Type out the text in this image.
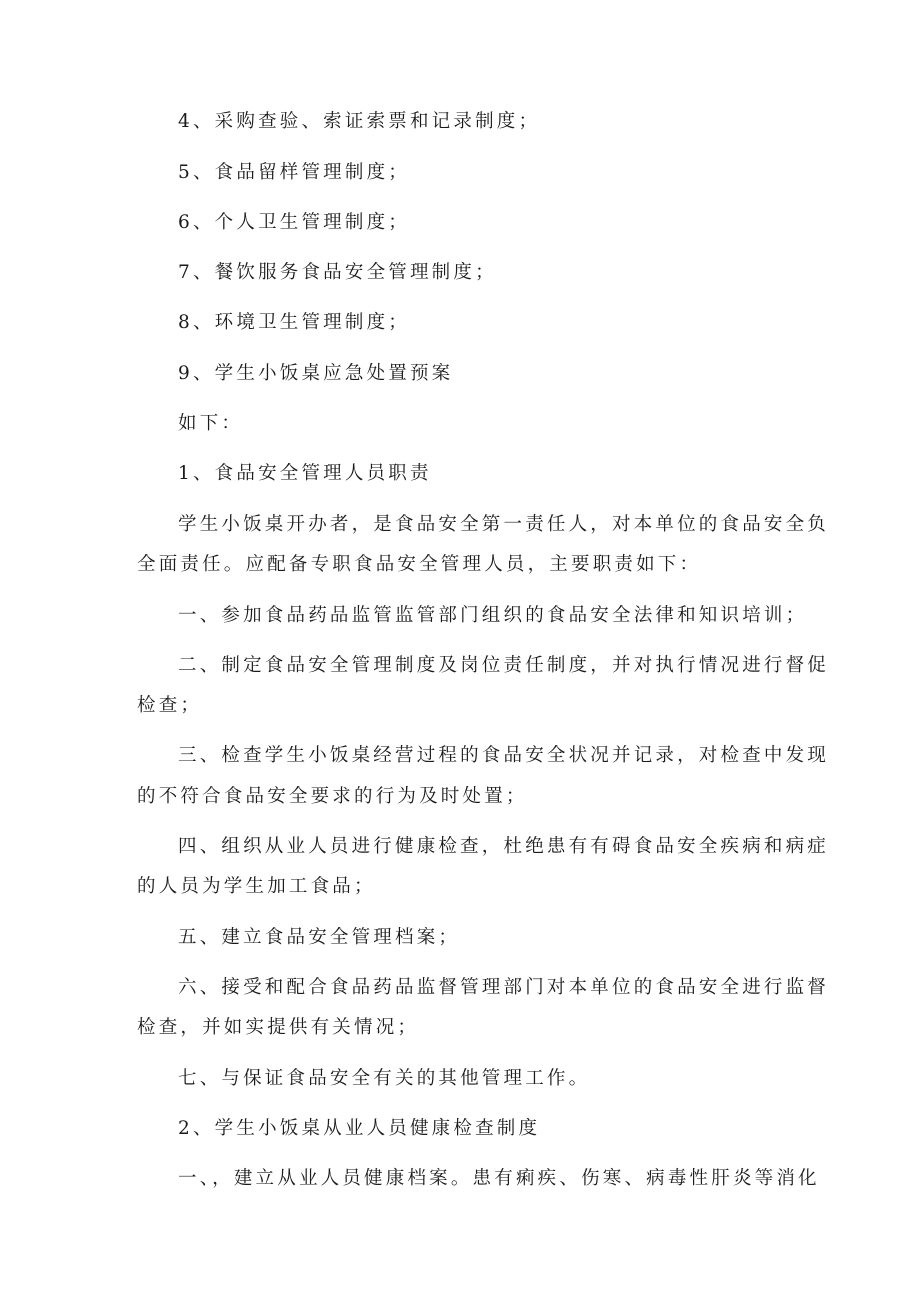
4、采购查验、索证索票和记录制度；
5、食品留样管理制度；
6、个人卫生管理制度；
7、餐饮服务食品安全管理制度；
8、环境卫生管理制度；
9、学生小饭桌应急处置预案
如下：
1、食品安全管理人员职责
学生小饭桌开办者，是食品安全第一责任人，对本单位的食品安全负
全面责任。应配备专职食品安全管理人员，主要职责如下：
一、参加食品药品监管监管部门组织的食品安全法律和知识培训；
二、制定食品安全管理制度及岗位责任制度，并对执行情况进行督促
检查；
三、检查学生小饭桌经营过程的食品安全状况并记录，对检查中发现
的不符合食品安全要求的行为及时处置；
四、组织从业人员进行健康检查，杜绝患有有碍食品安全疾病和病症
的人员为学生加工食品；
五、建立食品安全管理档案；
六、接受和配合食品药品监督管理部门对本单位的食品安全进行监督
检查，并如实提供有关情况；
七、与保证食品安全有关的其他管理工作。
2、学生小饭桌从业人员健康检查制度
一、，建立从业人员健康档案。患有痢疾、伤寒、病毒性肝炎等消化
